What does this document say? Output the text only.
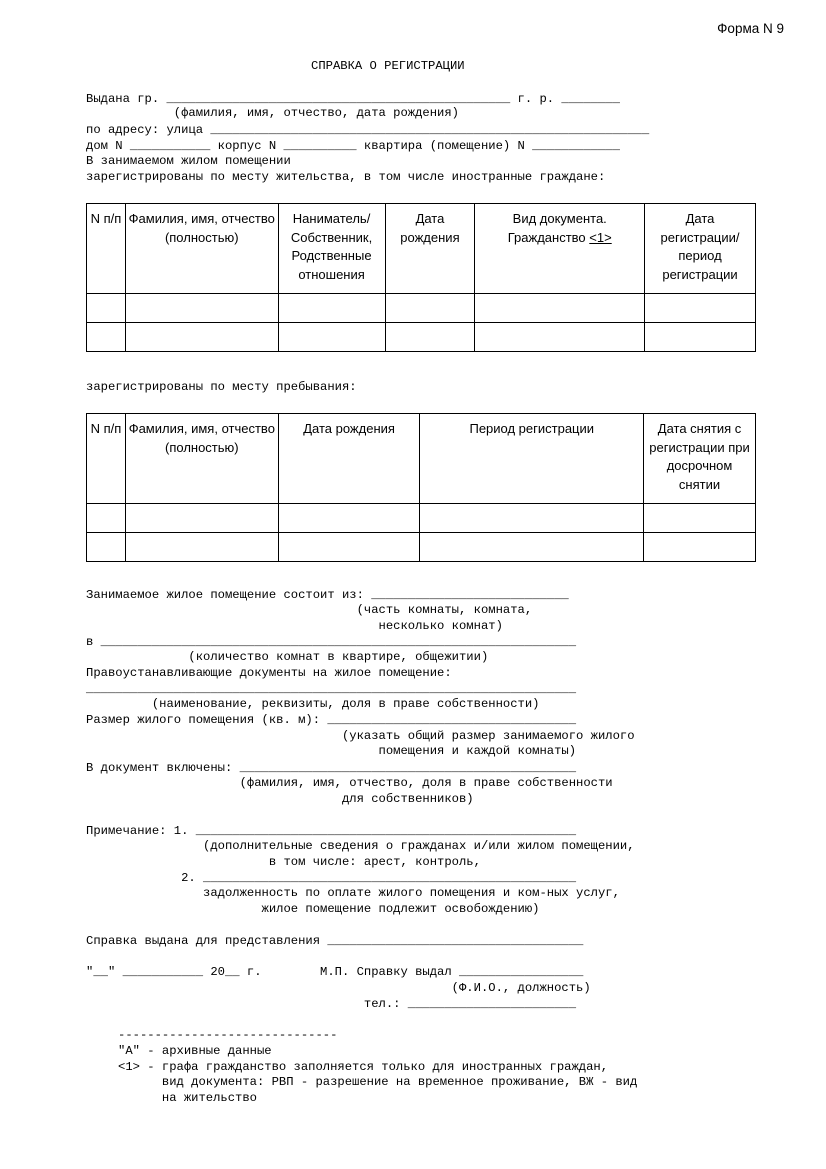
Форма N 9
СПРАВКА О РЕГИСТРАЦИИ
Выдана гр. _______________________________________________ г. р. ________
(фамилия, имя, отчество, дата рождения)
по адресу: улица ____________________________________________________________
дом N ___________ корпус N __________ квартира (помещение) N ____________
В занимаемом жилом помещении
зарегистрированы по месту жительства, в том числе иностранные граждане:
N п/п	Фамилия, имя, отчество (полностью)	Наниматель/ Собственник, Родственные отношения	Дата рождения	Вид документа. Гражданство <1>	Дата регистрации/ период регистрации

зарегистрированы по месту пребывания:
N п/п	Фамилия, имя, отчество (полностью)	Дата рождения	Период регистрации	Дата снятия с регистрации при досрочном снятии

Занимаемое жилое помещение состоит из: ___________________________
(часть комнаты, комната,
несколько комнат)
в _________________________________________________________________
(количество комнат в квартире, общежитии)
Правоустанавливающие документы на жилое помещение:
___________________________________________________________________
(наименование, реквизиты, доля в праве собственности)
Размер жилого помещения (кв. м): __________________________________
(указать общий размер занимаемого жилого
помещения и каждой комнаты)
В документ включены: ______________________________________________
(фамилия, имя, отчество, доля в праве собственности
для собственников)
Примечание: 1. ____________________________________________________
(дополнительные сведения о гражданах и/или жилом помещении,
в том числе: арест, контроль,
2. ___________________________________________________
задолженность по оплате жилого помещения и ком-ных услуг,
жилое помещение подлежит освобождению)
Справка выдана для представления ___________________________________
"__" ___________ 20__ г.        М.П. Справку выдал _________________
(Ф.И.О., должность)
тел.: _______________________
------------------------------
"А" - архивные данные
<1> - графа гражданство заполняется только для иностранных граждан,
вид документа: РВП - разрешение на временное проживание, ВЖ - вид
на жительство
